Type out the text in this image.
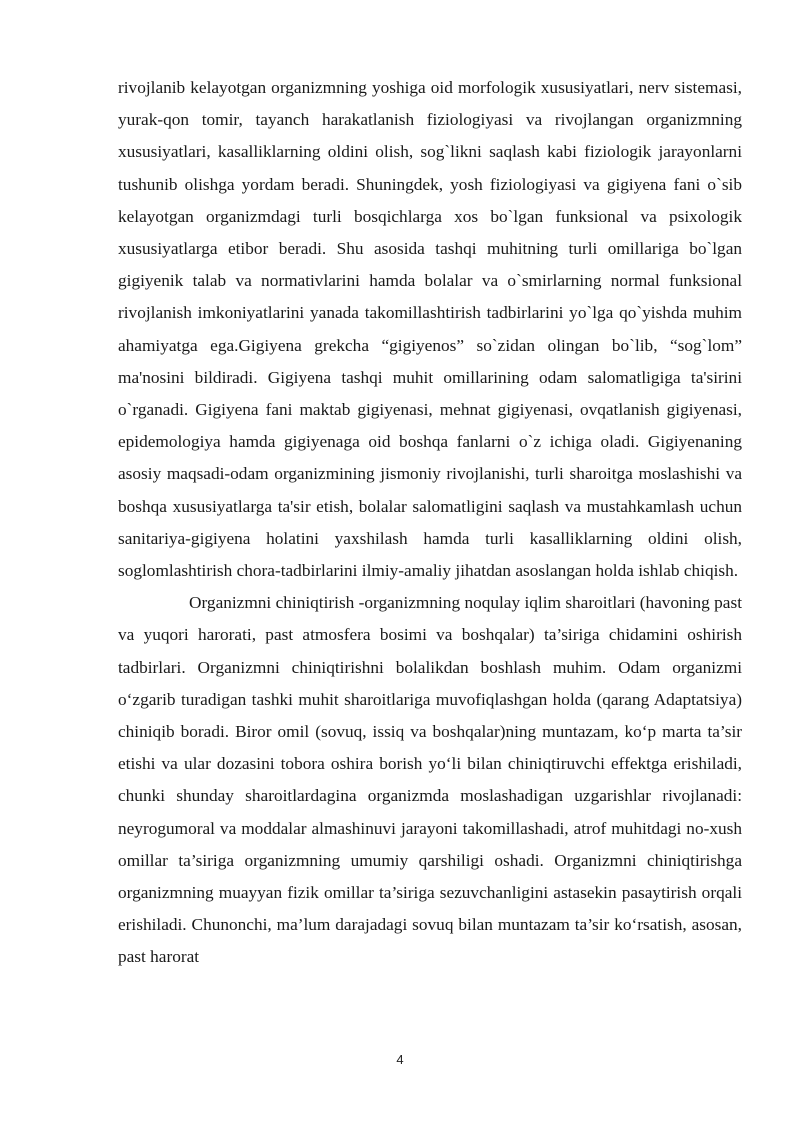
rivojlanib kelayotgan organizmning yoshiga oid morfologik xususiyatlari, nerv sistemasi, yurak-qon tomir, tayanch harakatlanish fiziologiyasi va rivojlangan organizmning xususiyatlari, kasalliklarning oldini olish, sog`likni saqlash kabi fiziologik jarayonlarni tushunib olishga yordam beradi. Shuningdek, yosh fiziologiyasi va gigiyena fani o`sib kelayotgan organizmdagi turli bosqichlarga xos bo`lgan funksional va psixologik xususiyatlarga etibor beradi. Shu asosida tashqi muhitning turli omillariga bo`lgan gigiyenik talab va normativlarini hamda bolalar va o`smirlarning normal funksional rivojlanish imkoniyatlarini yanada takomillashtirish tadbirlarini yo`lga qo`yishda muhim ahamiyatga ega.Gigiyena grekcha “gigiyenos” so`zidan olingan bo`lib, “sog`lom” ma'nosini bildiradi. Gigiyena tashqi muhit omillarining odam salomatligiga ta'sirini o`rganadi. Gigiyena fani maktab gigiyenasi, mehnat gigiyenasi, ovqatlanish gigiyenasi, epidemologiya hamda gigiyenaga oid boshqa fanlarni o`z ichiga oladi. Gigiyenaning asosiy maqsadi-odam organizmining jismoniy rivojlanishi, turli sharoitga moslashishi va boshqa xususiyatlarga ta'sir etish, bolalar salomatligini saqlash va mustahkamlash uchun sanitariya-gigiyena holatini yaxshilash hamda turli kasalliklarning oldini olish, soglomlashtirish chora-tadbirlarini ilmiy-amaliy jihatdan asoslangan holda ishlab chiqish.

Organizmni chiniqtirish -organizmning noqulay iqlim sharoitlari (havoning past va yuqori harorati, past atmosfera bosimi va boshqalar) ta’siriga chidamini oshirish tadbirlari. Organizmni chiniqtirishni bolalikdan boshlash muhim. Odam organizmi o‘zgarib turadigan tashki muhit sharoitlariga muvofiqlashgan holda (qarang Adaptatsiya) chiniqib boradi. Biror omil (sovuq, issiq va boshqalar)ning muntazam, ko‘p marta ta’sir etishi va ular dozasini tobora oshira borish yo‘li bilan chiniqtiruvchi effektga erishiladi, chunki shunday sharoitlardagina organizmda moslashadigan uzgarishlar rivojlanadi: neyrogumoral va moddalar almashinuvi jarayoni takomillashadi, atrof muhitdagi no-xush omillar ta’siriga organizmning umumiy qarshiligi oshadi. Organizmni chiniqtirishga organizmning muayyan fizik omillar ta’siriga sezuvchanligini astasekin pasaytirish orqali erishiladi. Chunonchi, ma’lum darajadagi sovuq bilan muntazam ta’sir ko‘rsatish, asosan, past harorat

4
